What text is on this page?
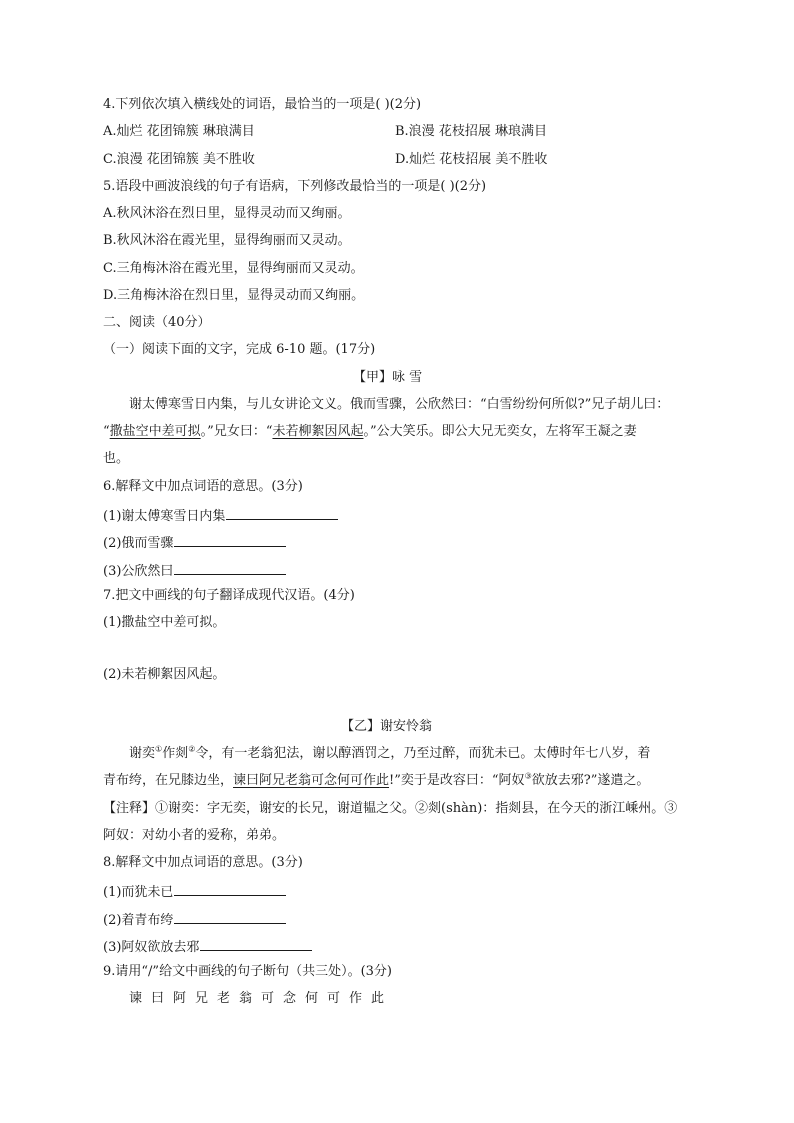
4.下列依次填入横线处的词语，最恰当的一项是( )(2分)
A.灿烂 花团锦簇 琳琅满目	B.浪漫 花枝招展 琳琅满目
C.浪漫 花团锦簇 美不胜收	D.灿烂 花枝招展 美不胜收
5.语段中画波浪线的句子有语病，下列修改最恰当的一项是( )(2分)
A.秋风沐浴在烈日里，显得灵动而又绚丽。
B.秋风沐浴在霞光里，显得绚丽而又灵动。
C.三角梅沐浴在霞光里，显得绚丽而又灵动。
D.三角梅沐浴在烈日里，显得灵动而又绚丽。
二、阅读（40分）
（一）阅读下面的文字，完成 6-10 题。(17分)
【甲】咏 雪
谢太傅寒雪日内集，与儿女讲论文义。俄而雪骤，公欣然曰：“白雪纷纷何所似?”兄子胡儿曰：
“撒盐空中差可拟。”兄女曰：“未若柳絮因风起。”公大笑乐。即公大兄无奕女，左将军王凝之妻
也。
6.解释文中加点词语的意思。(3分)
(1)谢太傅寒雪日内集
(2)俄而雪骤
(3)公欣然曰
7.把文中画线的句子翻译成现代汉语。(4分)
(1)撒盐空中差可拟。
(2)未若柳絮因风起。
【乙】谢安怜翁
谢奕①作剡②令，有一老翁犯法，谢以醇酒罚之，乃至过醉，而犹未已。太傅时年七八岁，着
青布绔，在兄膝边坐，谏曰阿兄老翁可念何可作此!”奕于是改容曰：“阿奴③欲放去邪?”遂遣之。
【注释】①谢奕：字无奕，谢安的长兄，谢道韫之父。②剡(shàn)：指剡县，在今天的浙江嵊州。③
阿奴：对幼小者的爱称，弟弟。
8.解释文中加点词语的意思。(3分)
(1)而犹未已
(2)着青布绔
(3)阿奴欲放去邪
9.请用“/”给文中画线的句子断句（共三处）。(3分)
谏曰阿兄老翁可念何可作此
